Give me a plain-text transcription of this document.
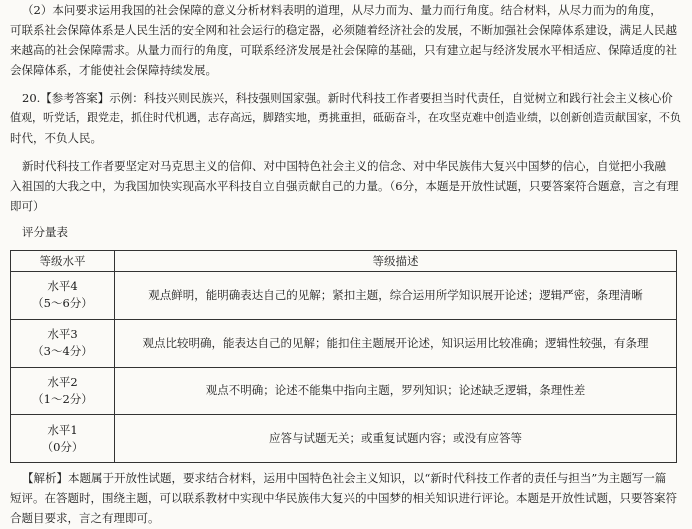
（2）本问要求运用我国的社会保障的意义分析材料表明的道理，从尽力而为、量力而行角度。结合材料，从尽力而为的角度，
可联系社会保障体系是人民生活的安全网和社会运行的稳定器，必须随着经济社会的发展，不断加强社会保障体系建设，满足人民越
来越高的社会保障需求。从量力而行的角度，可联系经济发展是社会保障的基础，只有建立起与经济发展水平相适应、保障适度的社
会保障体系，才能使社会保障持续发展。
20.【参考答案】示例：科技兴则民族兴，科技强则国家强。新时代科技工作者要担当时代责任，自觉树立和践行社会主义核心价
值观，听党话，跟党走，抓住时代机遇，志存高远，脚踏实地，勇挑重担，砥砺奋斗，在攻坚克难中创造业绩，以创新创造贡献国家，不负
时代，不负人民。
新时代科技工作者要坚定对马克思主义的信仰、对中国特色社会主义的信念、对中华民族伟大复兴中国梦的信心，自觉把小我融
入祖国的大我之中，为我国加快实现高水平科技自立自强贡献自己的力量。（6分，本题是开放性试题，只要答案符合题意，言之有理
即可）
评分量表
等级水平	等级描述

水平4
（5～6分）	观点鲜明，能明确表达自己的见解；紧扣主题，综合运用所学知识展开论述；逻辑严密，条理清晰

水平3
（3～4分）	观点比较明确，能表达自己的见解；能扣住主题展开论述，知识运用比较准确；逻辑性较强，有条理

水平2
（1～2分）	观点不明确；论述不能集中指向主题，罗列知识；论述缺乏逻辑，条理性差

水平1
（0分）	应答与试题无关；或重复试题内容；或没有应答等
【解析】本题属于开放性试题，要求结合材料，运用中国特色社会主义知识，以“新时代科技工作者的责任与担当”为主题写一篇
短评。在答题时，围绕主题，可以联系教材中实现中华民族伟大复兴的中国梦的相关知识进行评论。本题是开放性试题，只要答案符
合题目要求，言之有理即可。
